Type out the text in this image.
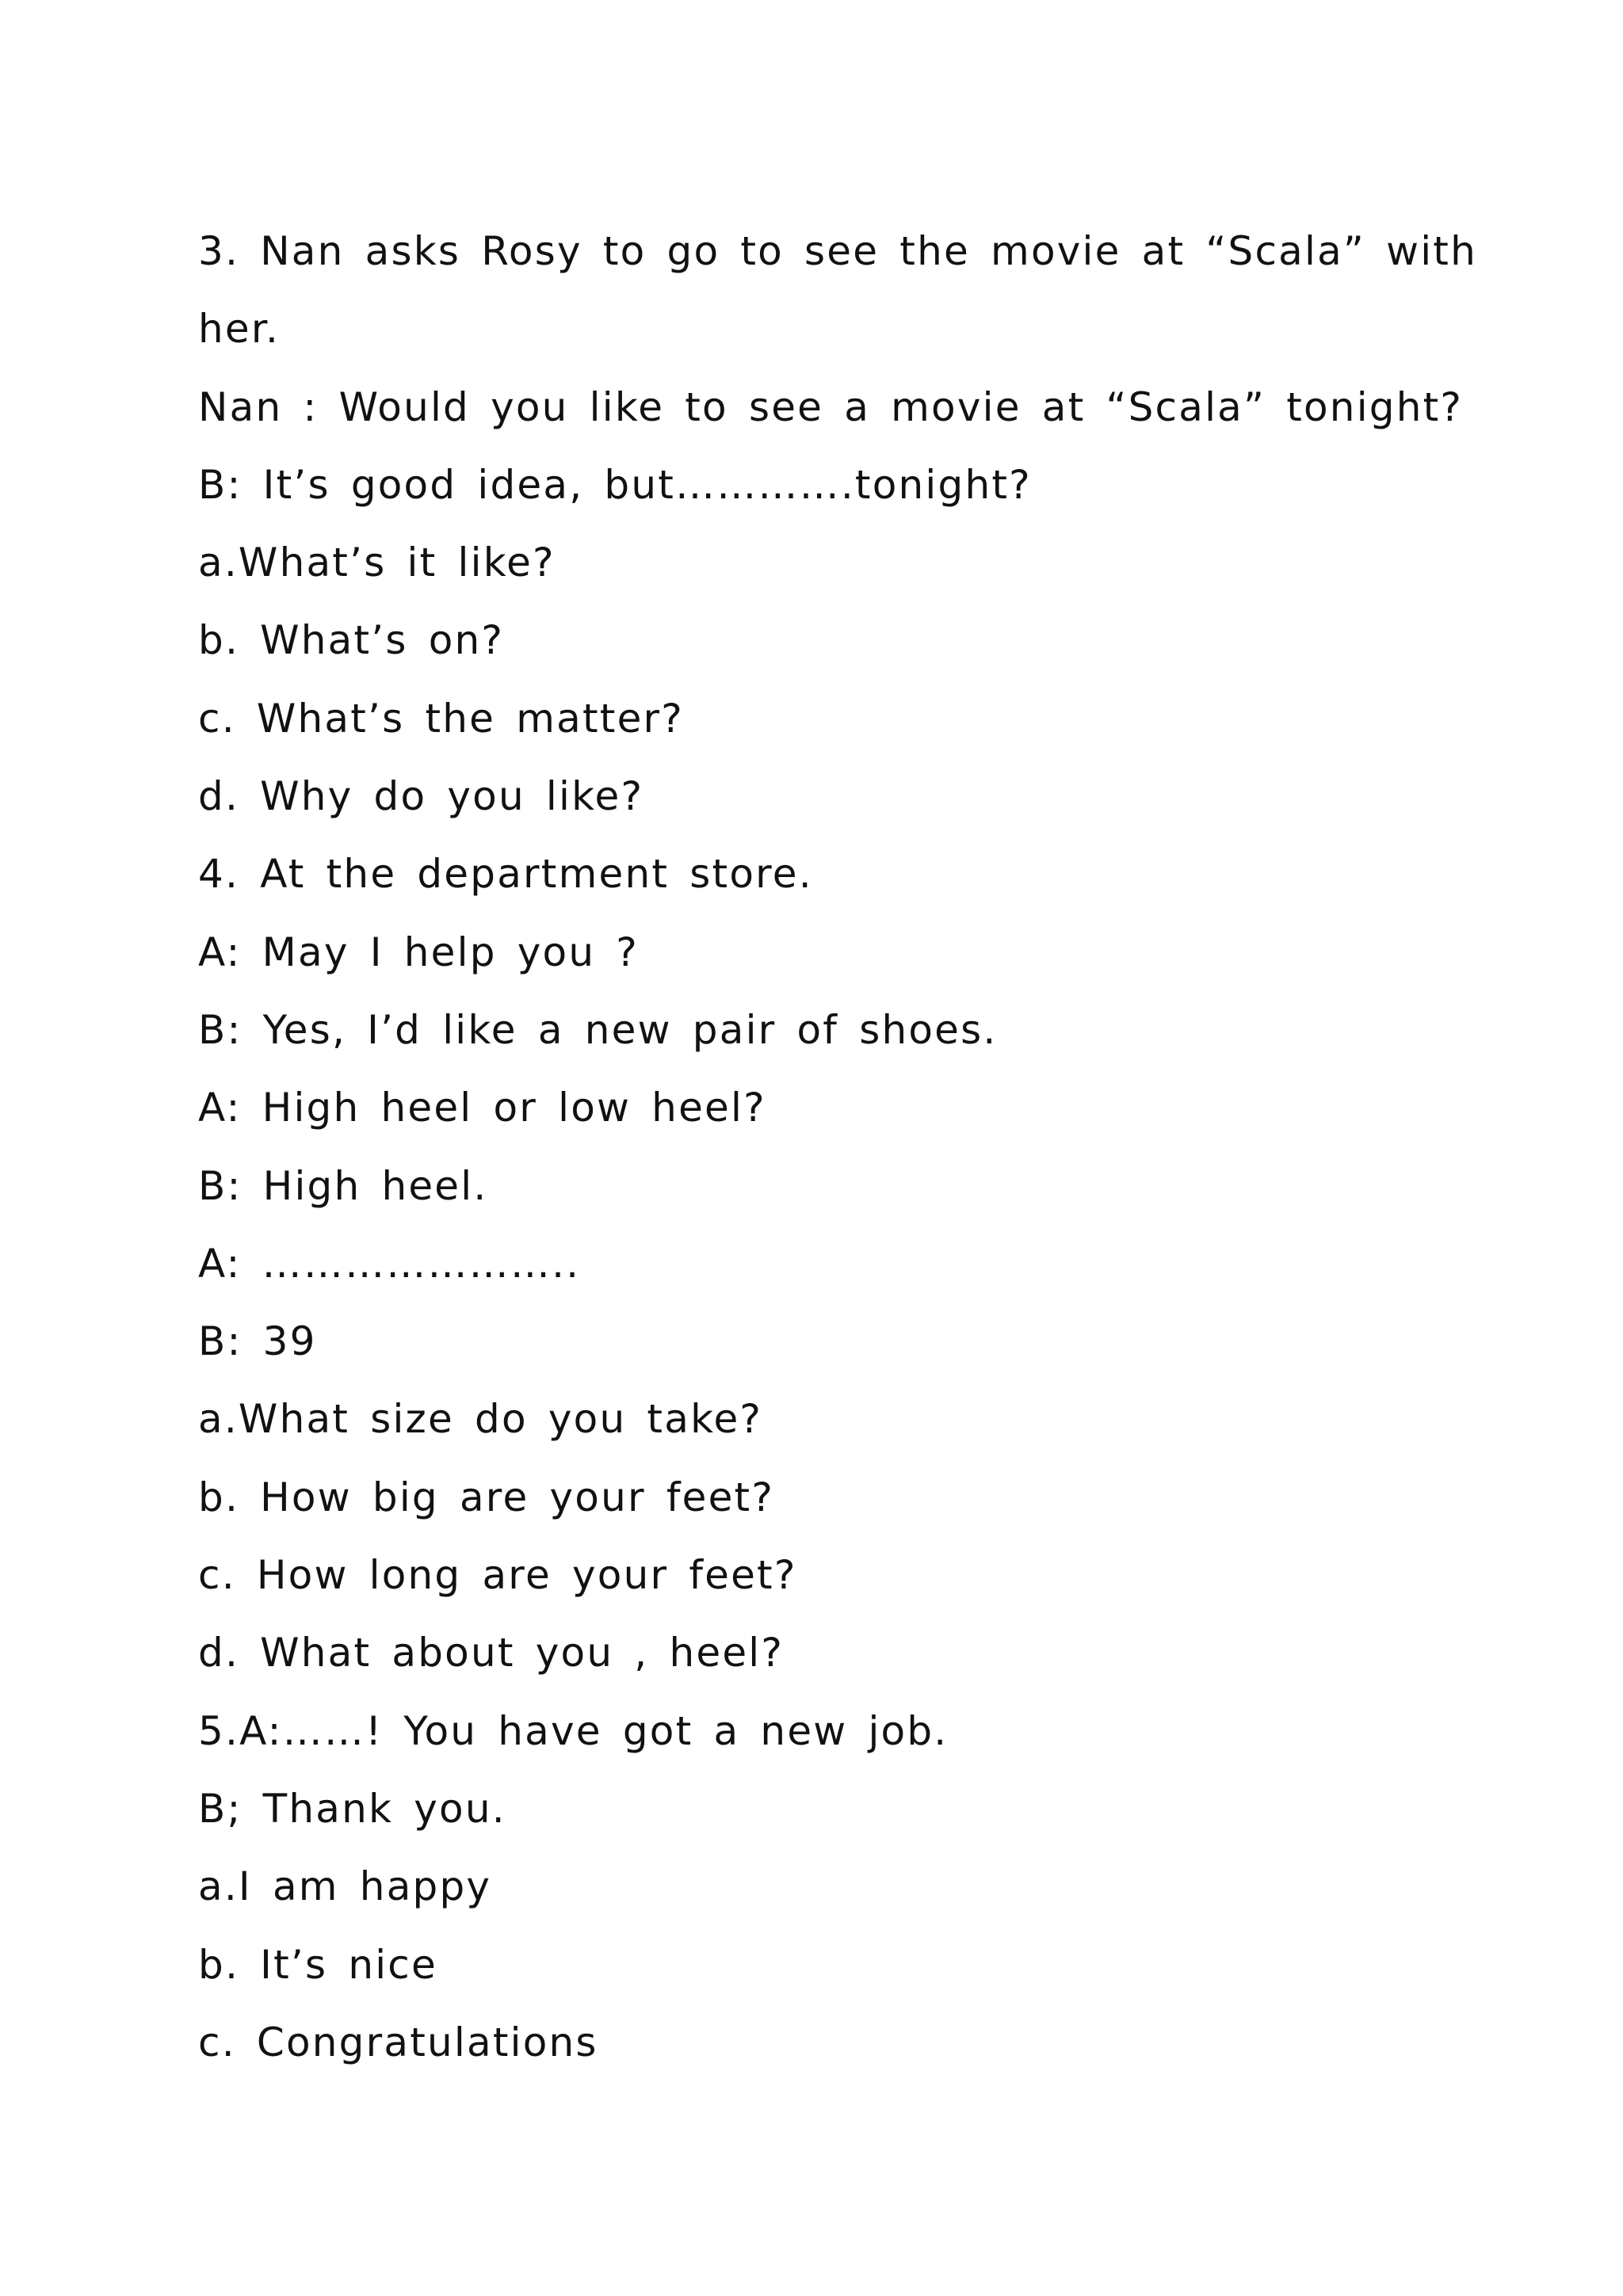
3. Nan asks Rosy to go to see the movie at “Scala” with
her.
Nan : Would you like to see a movie at “Scala” tonight?
B: It’s good idea, but………….tonight?
a.What’s it like?
b. What’s on?
c. What’s the matter?
d. Why do you like?
4. At the department store.
A: May I help you ?
B: Yes, I’d like a new pair of shoes.
A: High heel or low heel?
B: High heel.
A: …………………..
B: 39
a.What size do you take?
b. How big are your feet?
c. How long are your feet?
d. What about you , heel?
5.A:……! You have got a new job.
B; Thank you.
a.I am happy
b. It’s nice
c. Congratulations
